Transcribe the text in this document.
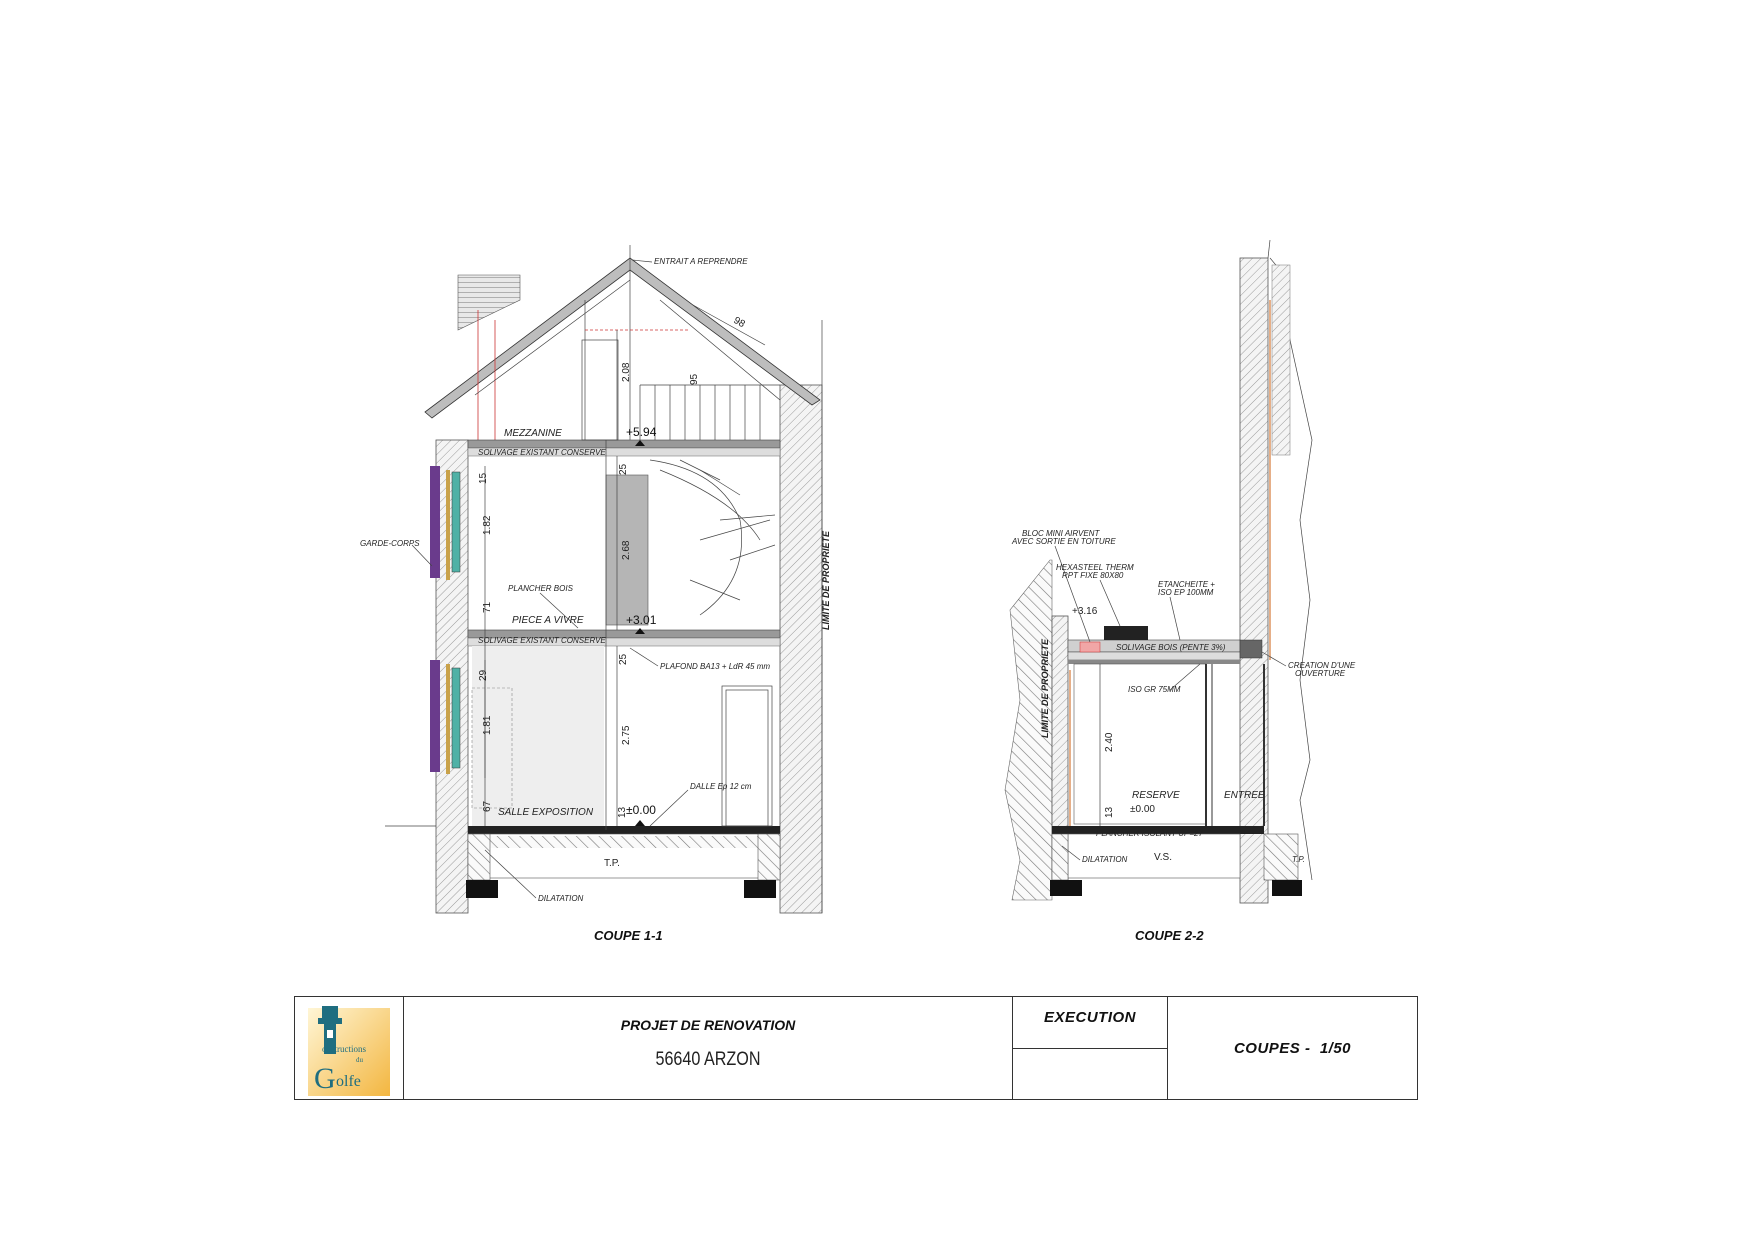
2.08
98
95
25
15
1.82
2.68
71
29
25
1.81
2.75
67
13
+5.94
+3.01
±0.00
ENTRAIT A REPRENDRE
MEZZANINE
SOLIVAGE EXISTANT CONSERVE
GARDE-CORPS
PLANCHER BOIS
PIECE A VIVRE
SOLIVAGE EXISTANT CONSERVE
PLAFOND BA13 + LdR 45 mm
DALLE Ep 12 cm
SALLE EXPOSITION
T.P.
DILATATION
LIMITE DE PROPRIETE
COUPE 1-1
2.40
13
+3.16
±0.00
BLOC MINI AIRVENT
AVEC SORTIE EN TOITURE
HEXASTEEL THERM
RPT FIXE 80X80
ETANCHEITE +
ISO EP 100MM
SOLIVAGE BOIS (PENTE 3%)
CREATION D'UNE
OUVERTURE
ISO GR 75MM
LIMITE DE PROPRIETE
RESERVE	ENTREE
PLANCHER ISOLANT UP=27
DILATATION	V.S.	T.P.
COUPE 2-2
onstructions
du
G olfe
PROJET DE RENOVATION
56640 ARZON
EXECUTION
COUPES -  1/50
